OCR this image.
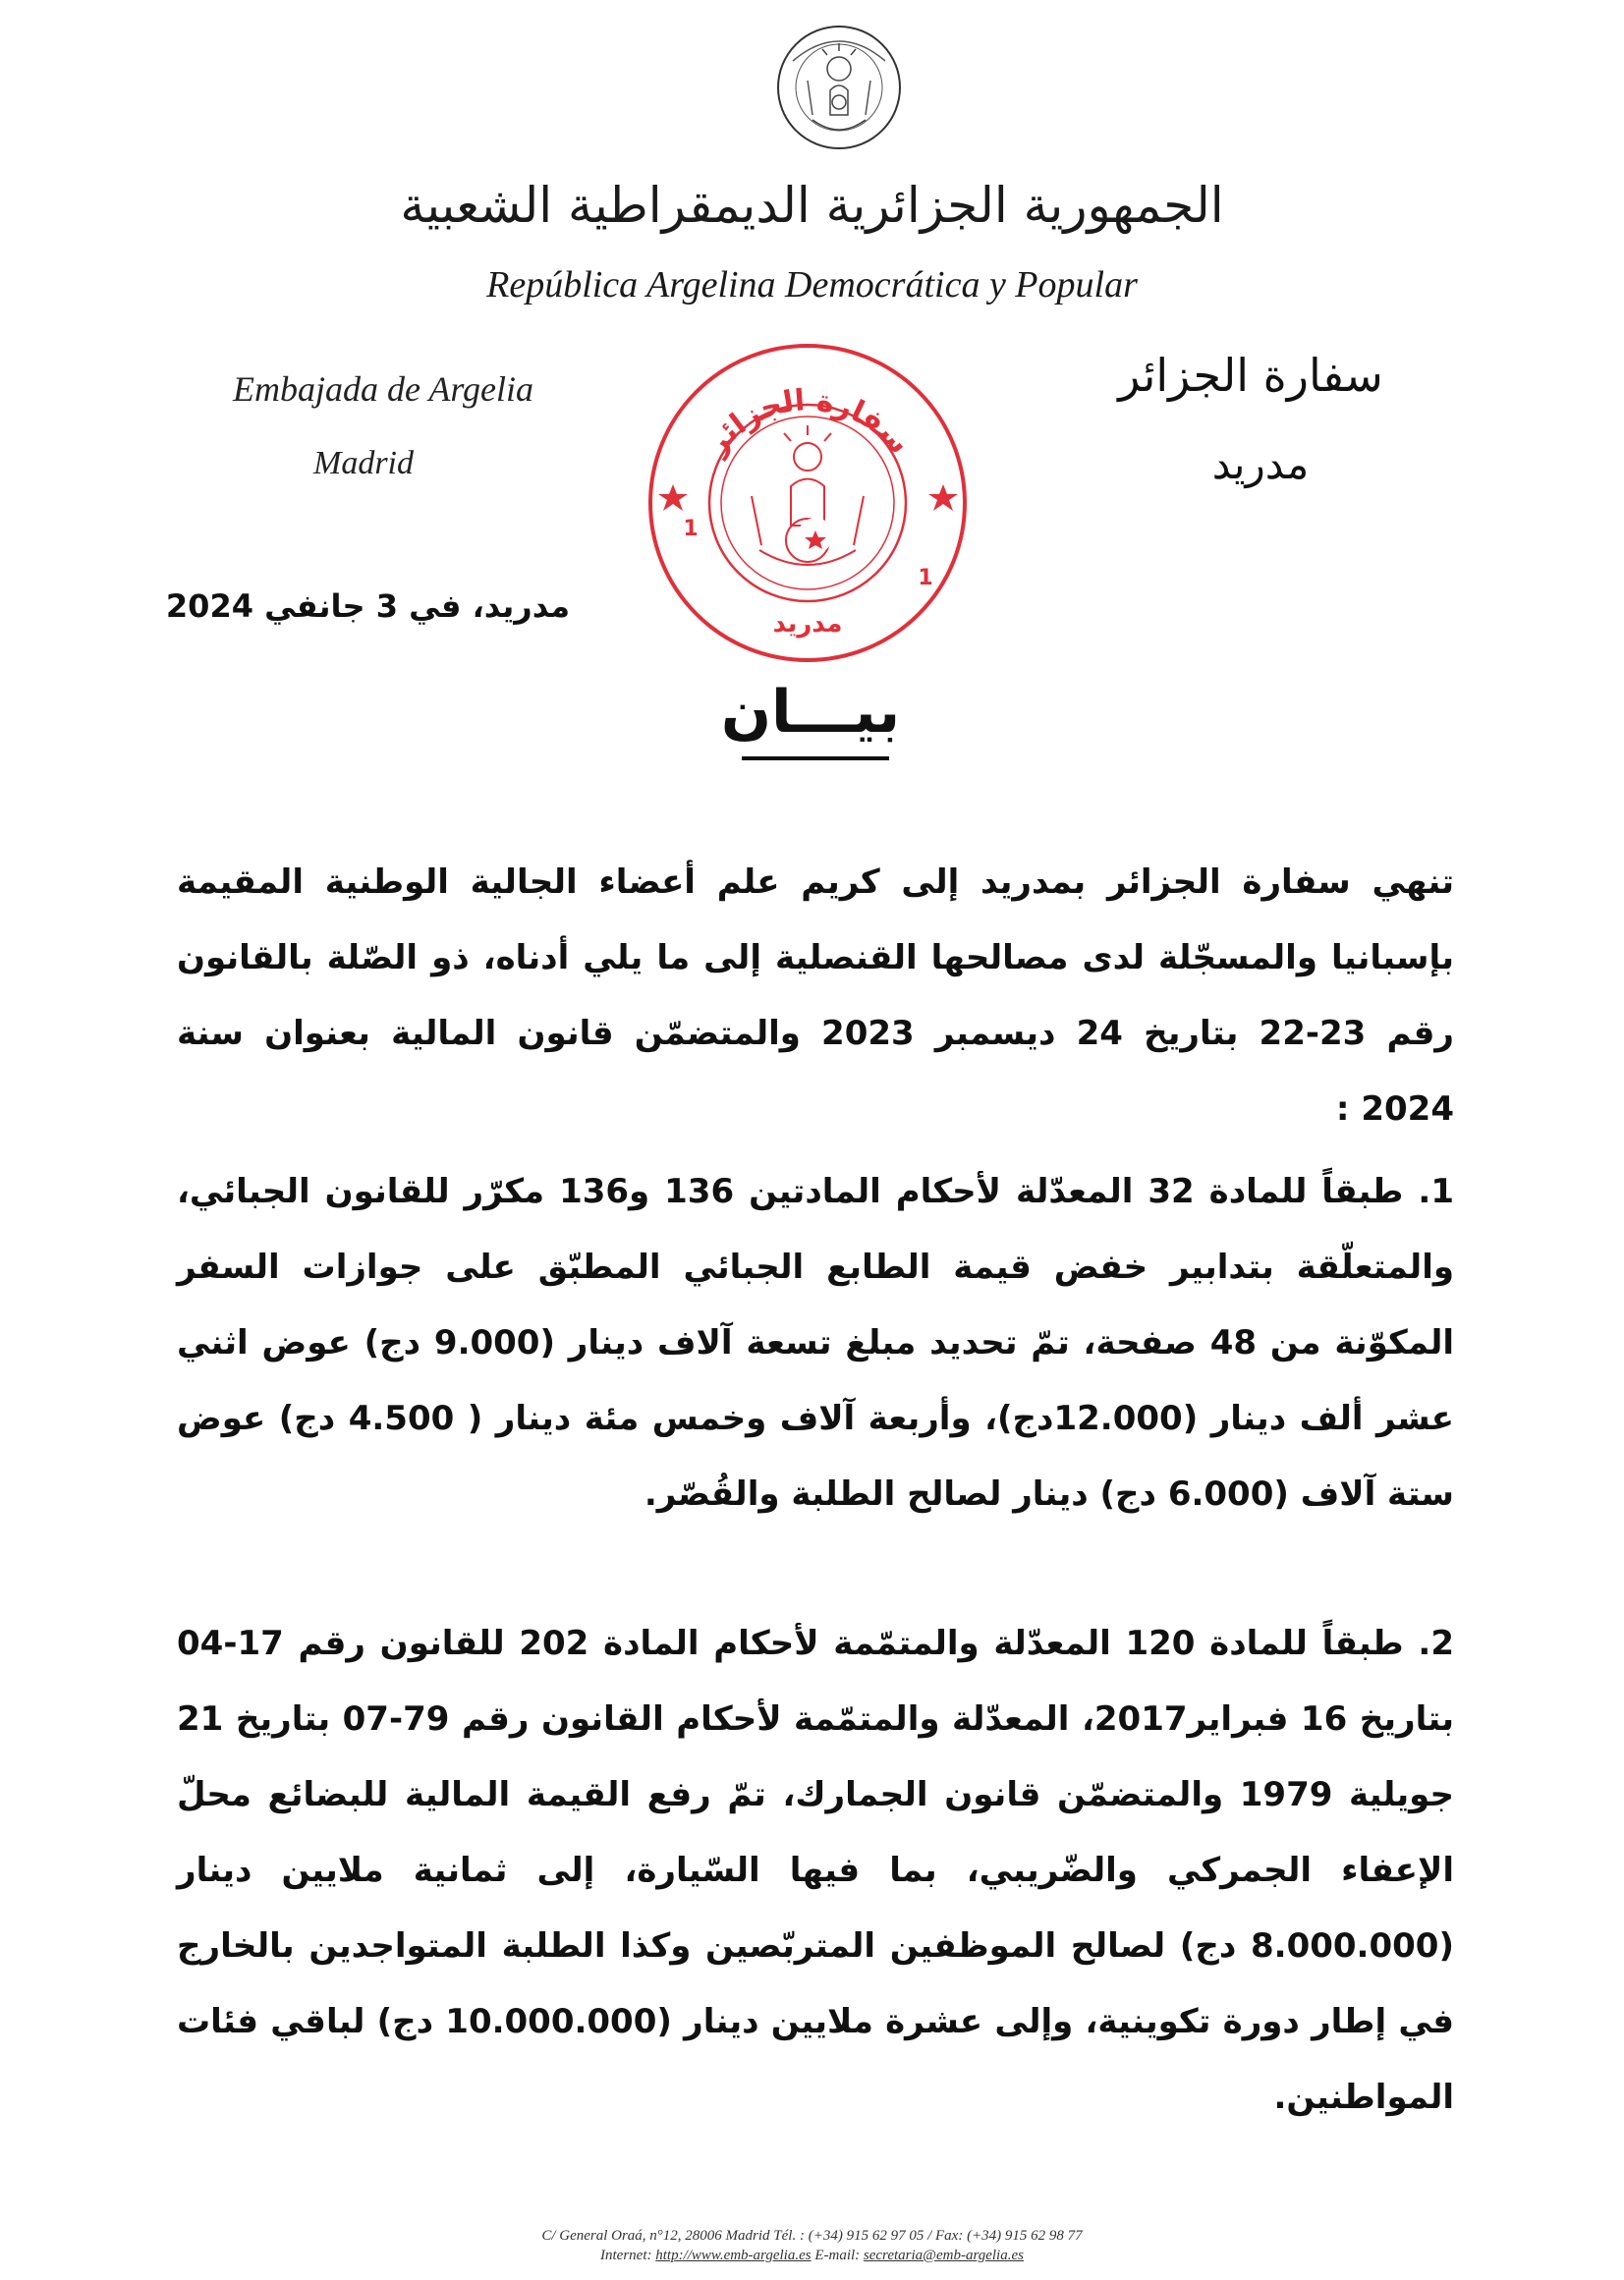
الجمهورية الجزائرية الديمقراطية الشعبية
República Argelina Democrática y Popular
Embajada de Argelia
Madrid
سفارة الجزائر
مدريد
سفارة الجزائر
مدريد
1
1
مدريد، في 3 جانفي 2024
بيـــان
تنهي سفارة الجزائر بمدريد إلى كريم علم أعضاء الجالية الوطنية المقيمة بإسبانيا والمسجّلة لدى مصالحها القنصلية إلى ما يلي أدناه، ذو الصّلة بالقانون رقم 23-22 بتاريخ 24 ديسمبر 2023 والمتضمّن قانون المالية بعنوان سنة 2024 :
1. طبقاً للمادة 32 المعدّلة لأحكام المادتين 136 و136 مكرّر للقانون الجبائي، والمتعلّقة بتدابير خفض قيمة الطابع الجبائي المطبّق على جوازات السفر المكوّنة من 48 صفحة، تمّ تحديد مبلغ تسعة آلاف دينار (9.000 دج) عوض اثني عشر ألف دينار (12.000دج)، وأربعة آلاف وخمس مئة دينار ( 4.500 دج) عوض ستة آلاف (6.000 دج) دينار لصالح الطلبة والقُصّر.
2. طبقاً للمادة 120 المعدّلة والمتمّمة لأحكام المادة 202 للقانون رقم 17-04 بتاريخ 16 فبراير2017، المعدّلة والمتمّمة لأحكام القانون رقم 79-07 بتاريخ 21 جويلية 1979 والمتضمّن قانون الجمارك، تمّ رفع القيمة المالية للبضائع محلّ الإعفاء الجمركي والضّريبي، بما فيها السّيارة، إلى ثمانية ملايين دينار (8.000.000 دج) لصالح الموظفين المتربّصين وكذا الطلبة المتواجدين بالخارج في إطار دورة تكوينية، وإلى عشرة ملايين دينار (10.000.000 دج) لباقي فئات المواطنين.
C/ General Oraá, n°12, 28006 Madrid Tél. : (+34) 915 62 97 05 / Fax: (+34) 915 62 98 77
Internet: http://www.emb-argelia.es E-mail: secretaria@emb-argelia.es
